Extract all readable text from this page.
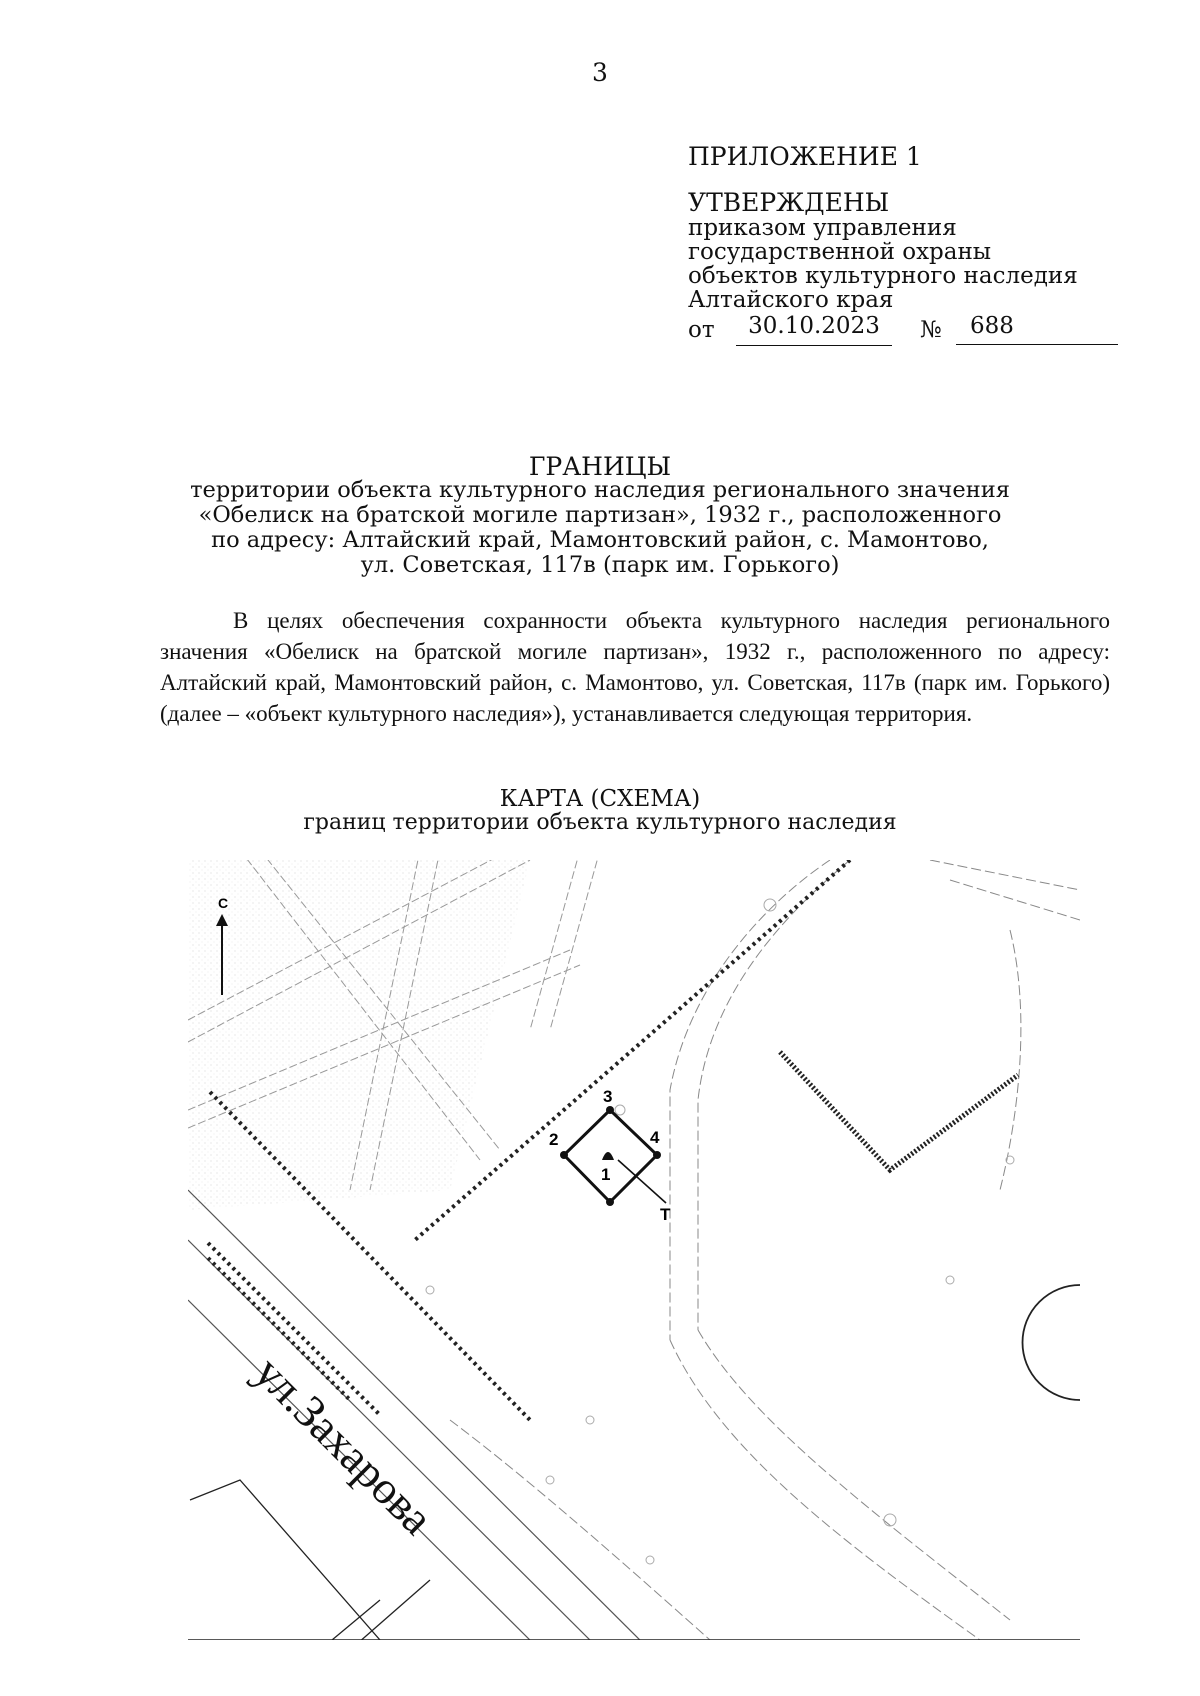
3
ПРИЛОЖЕНИЕ 1
УТВЕРЖДЕНЫ
приказом управления
государственной охраны
объектов культурного наследия
Алтайского края
от	30.10.2023	№	688
ГРАНИЦЫ
территории объекта культурного наследия регионального значения
«Обелиск на братской могиле партизан», 1932 г., расположенного
по адресу: Алтайский край, Мамонтовский район, с. Мамонтово,
ул. Советская, 117в (парк им. Горького)
В целях обеспечения сохранности объекта культурного наследия регионального значения «Обелиск на братской могиле партизан», 1932 г., расположенного по адресу: Алтайский край, Мамонтовский район, с. Мамонтово, ул. Советская, 117в (парк им. Горького) (далее – «объект культурного наследия»), устанавливается следующая территория.
КАРТА (СХЕМА)
границ территории объекта культурного наследия
С
1
2
3
4
Т
ул.Захарова
